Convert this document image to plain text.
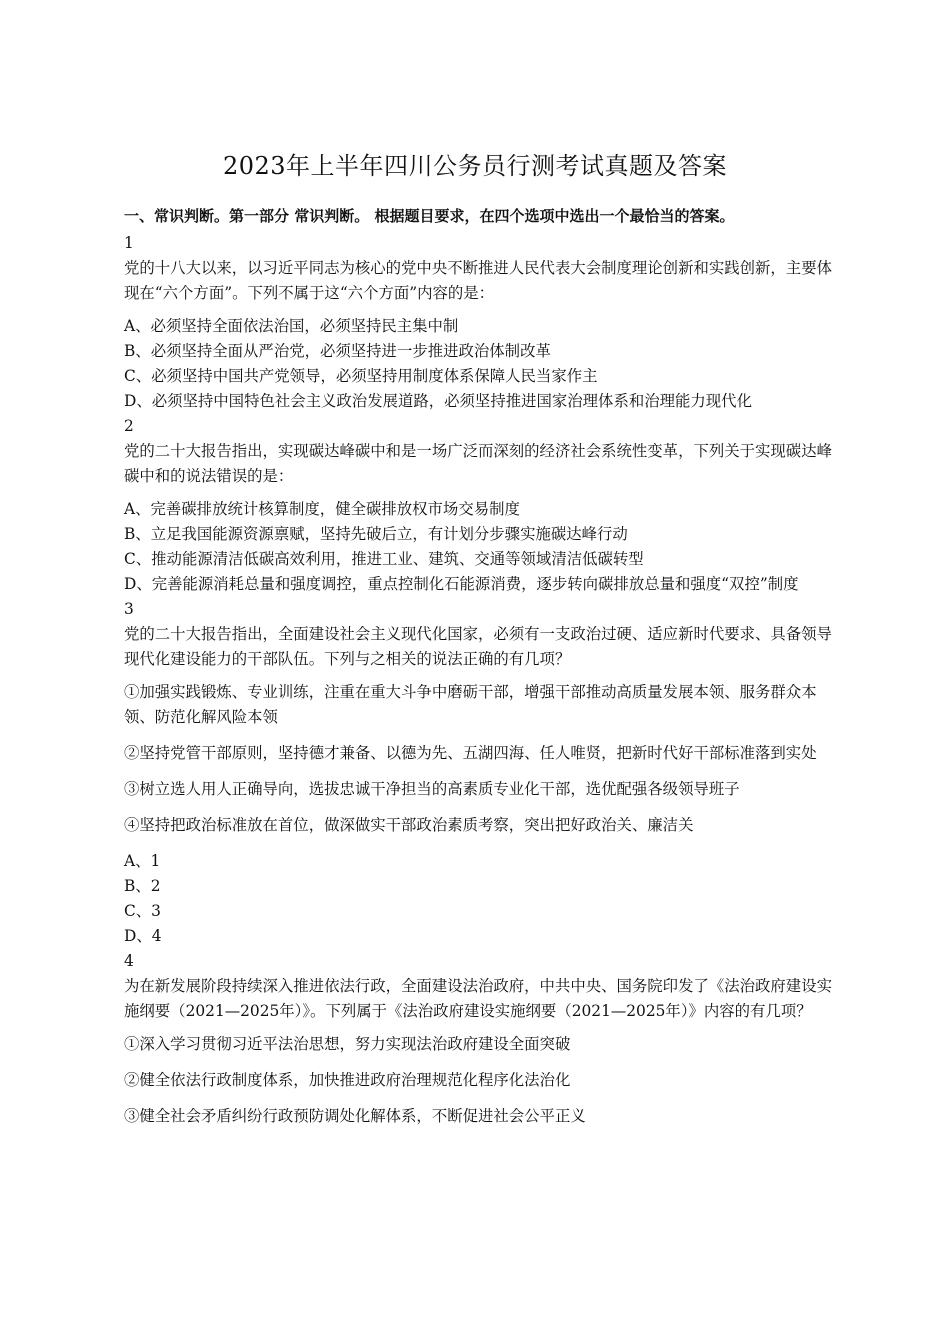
2023年上半年四川公务员行测考试真题及答案
一、常识判断。第一部分 常识判断。 根据题目要求，在四个选项中选出一个最恰当的答案。
1
党的十八大以来，以习近平同志为核心的党中央不断推进人民代表大会制度理论创新和实践创新，主要体现在“六个方面”。下列不属于这“六个方面”内容的是：
A、必须坚持全面依法治国，必须坚持民主集中制
B、必须坚持全面从严治党，必须坚持进一步推进政治体制改革
C、必须坚持中国共产党领导，必须坚持用制度体系保障人民当家作主
D、必须坚持中国特色社会主义政治发展道路，必须坚持推进国家治理体系和治理能力现代化
2
党的二十大报告指出，实现碳达峰碳中和是一场广泛而深刻的经济社会系统性变革，下列关于实现碳达峰碳中和的说法错误的是：
A、完善碳排放统计核算制度，健全碳排放权市场交易制度
B、立足我国能源资源禀赋，坚持先破后立，有计划分步骤实施碳达峰行动
C、推动能源清洁低碳高效利用，推进工业、建筑、交通等领域清洁低碳转型
D、完善能源消耗总量和强度调控，重点控制化石能源消费，逐步转向碳排放总量和强度“双控”制度
3
党的二十大报告指出，全面建设社会主义现代化国家，必须有一支政治过硬、适应新时代要求、具备领导现代化建设能力的干部队伍。下列与之相关的说法正确的有几项？
①加强实践锻炼、专业训练，注重在重大斗争中磨砺干部，增强干部推动高质量发展本领、服务群众本领、防范化解风险本领
②坚持党管干部原则，坚持德才兼备、以德为先、五湖四海、任人唯贤，把新时代好干部标准落到实处
③树立选人用人正确导向，选拔忠诚干净担当的高素质专业化干部，选优配强各级领导班子
④坚持把政治标准放在首位，做深做实干部政治素质考察，突出把好政治关、廉洁关
A、1
B、2
C、3
D、4
4
为在新发展阶段持续深入推进依法行政，全面建设法治政府，中共中央、国务院印发了《法治政府建设实施纲要（2021—2025年）》。下列属于《法治政府建设实施纲要（2021—2025年）》内容的有几项？
①深入学习贯彻习近平法治思想，努力实现法治政府建设全面突破
②健全依法行政制度体系，加快推进政府治理规范化程序化法治化
③健全社会矛盾纠纷行政预防调处化解体系，不断促进社会公平正义
